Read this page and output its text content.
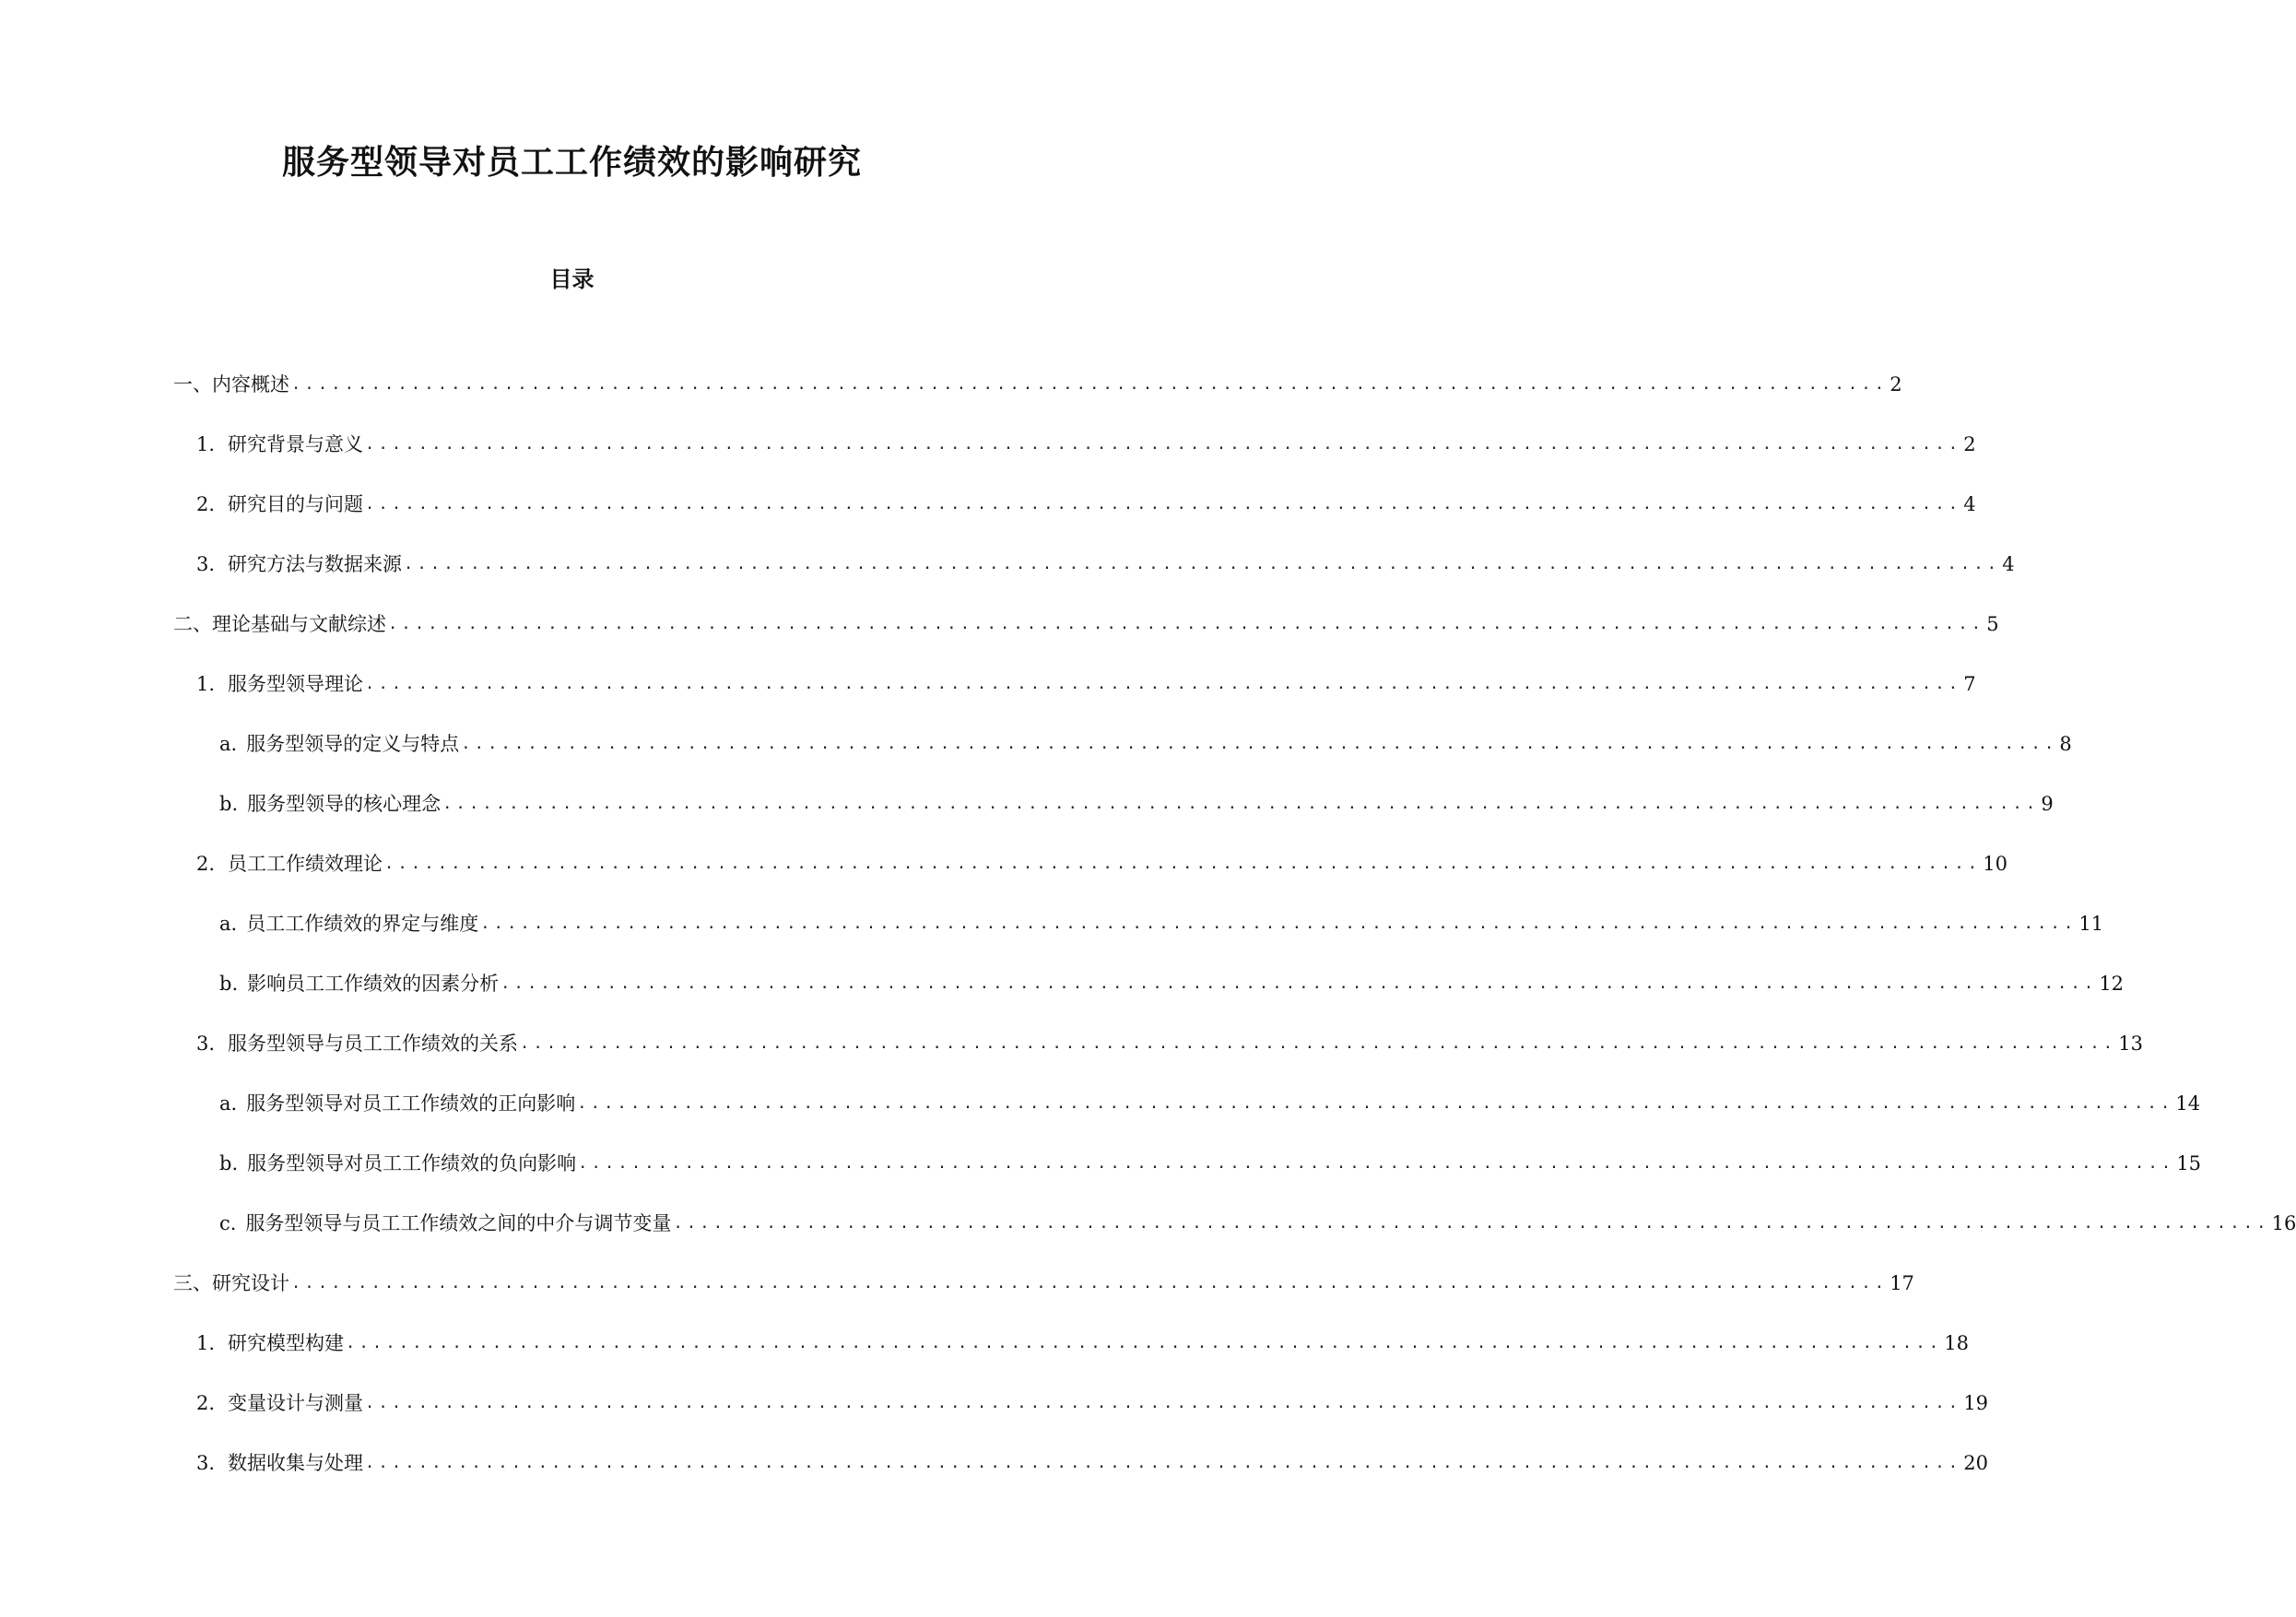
服务型领导对员工工作绩效的影响研究
目录
一、 内容概述 ........................................................................................................................ 2
1. 研究背景与意义 ........................................................................................................................ 2
2. 研究目的与问题 ........................................................................................................................ 4
3. 研究方法与数据来源 ........................................................................................................................ 4
二、 理论基础与文献综述 ........................................................................................................................ 5
1. 服务型领导理论 ........................................................................................................................ 7
a. 服务型领导的定义与特点 ........................................................................................................................ 8
b. 服务型领导的核心理念 ........................................................................................................................ 9
2. 员工工作绩效理论 ........................................................................................................................ 10
a. 员工工作绩效的界定与维度 ........................................................................................................................ 11
b. 影响员工工作绩效的因素分析 ........................................................................................................................ 12
3. 服务型领导与员工工作绩效的关系 ........................................................................................................................ 13
a. 服务型领导对员工工作绩效的正向影响 ........................................................................................................................ 14
b. 服务型领导对员工工作绩效的负向影响 ........................................................................................................................ 15
c. 服务型领导与员工工作绩效之间的中介与调节变量 ........................................................................................................................ 16
三、 研究设计 ........................................................................................................................ 17
1. 研究模型构建 ........................................................................................................................ 18
2. 变量设计与测量 ........................................................................................................................ 19
3. 数据收集与处理 ........................................................................................................................ 20
